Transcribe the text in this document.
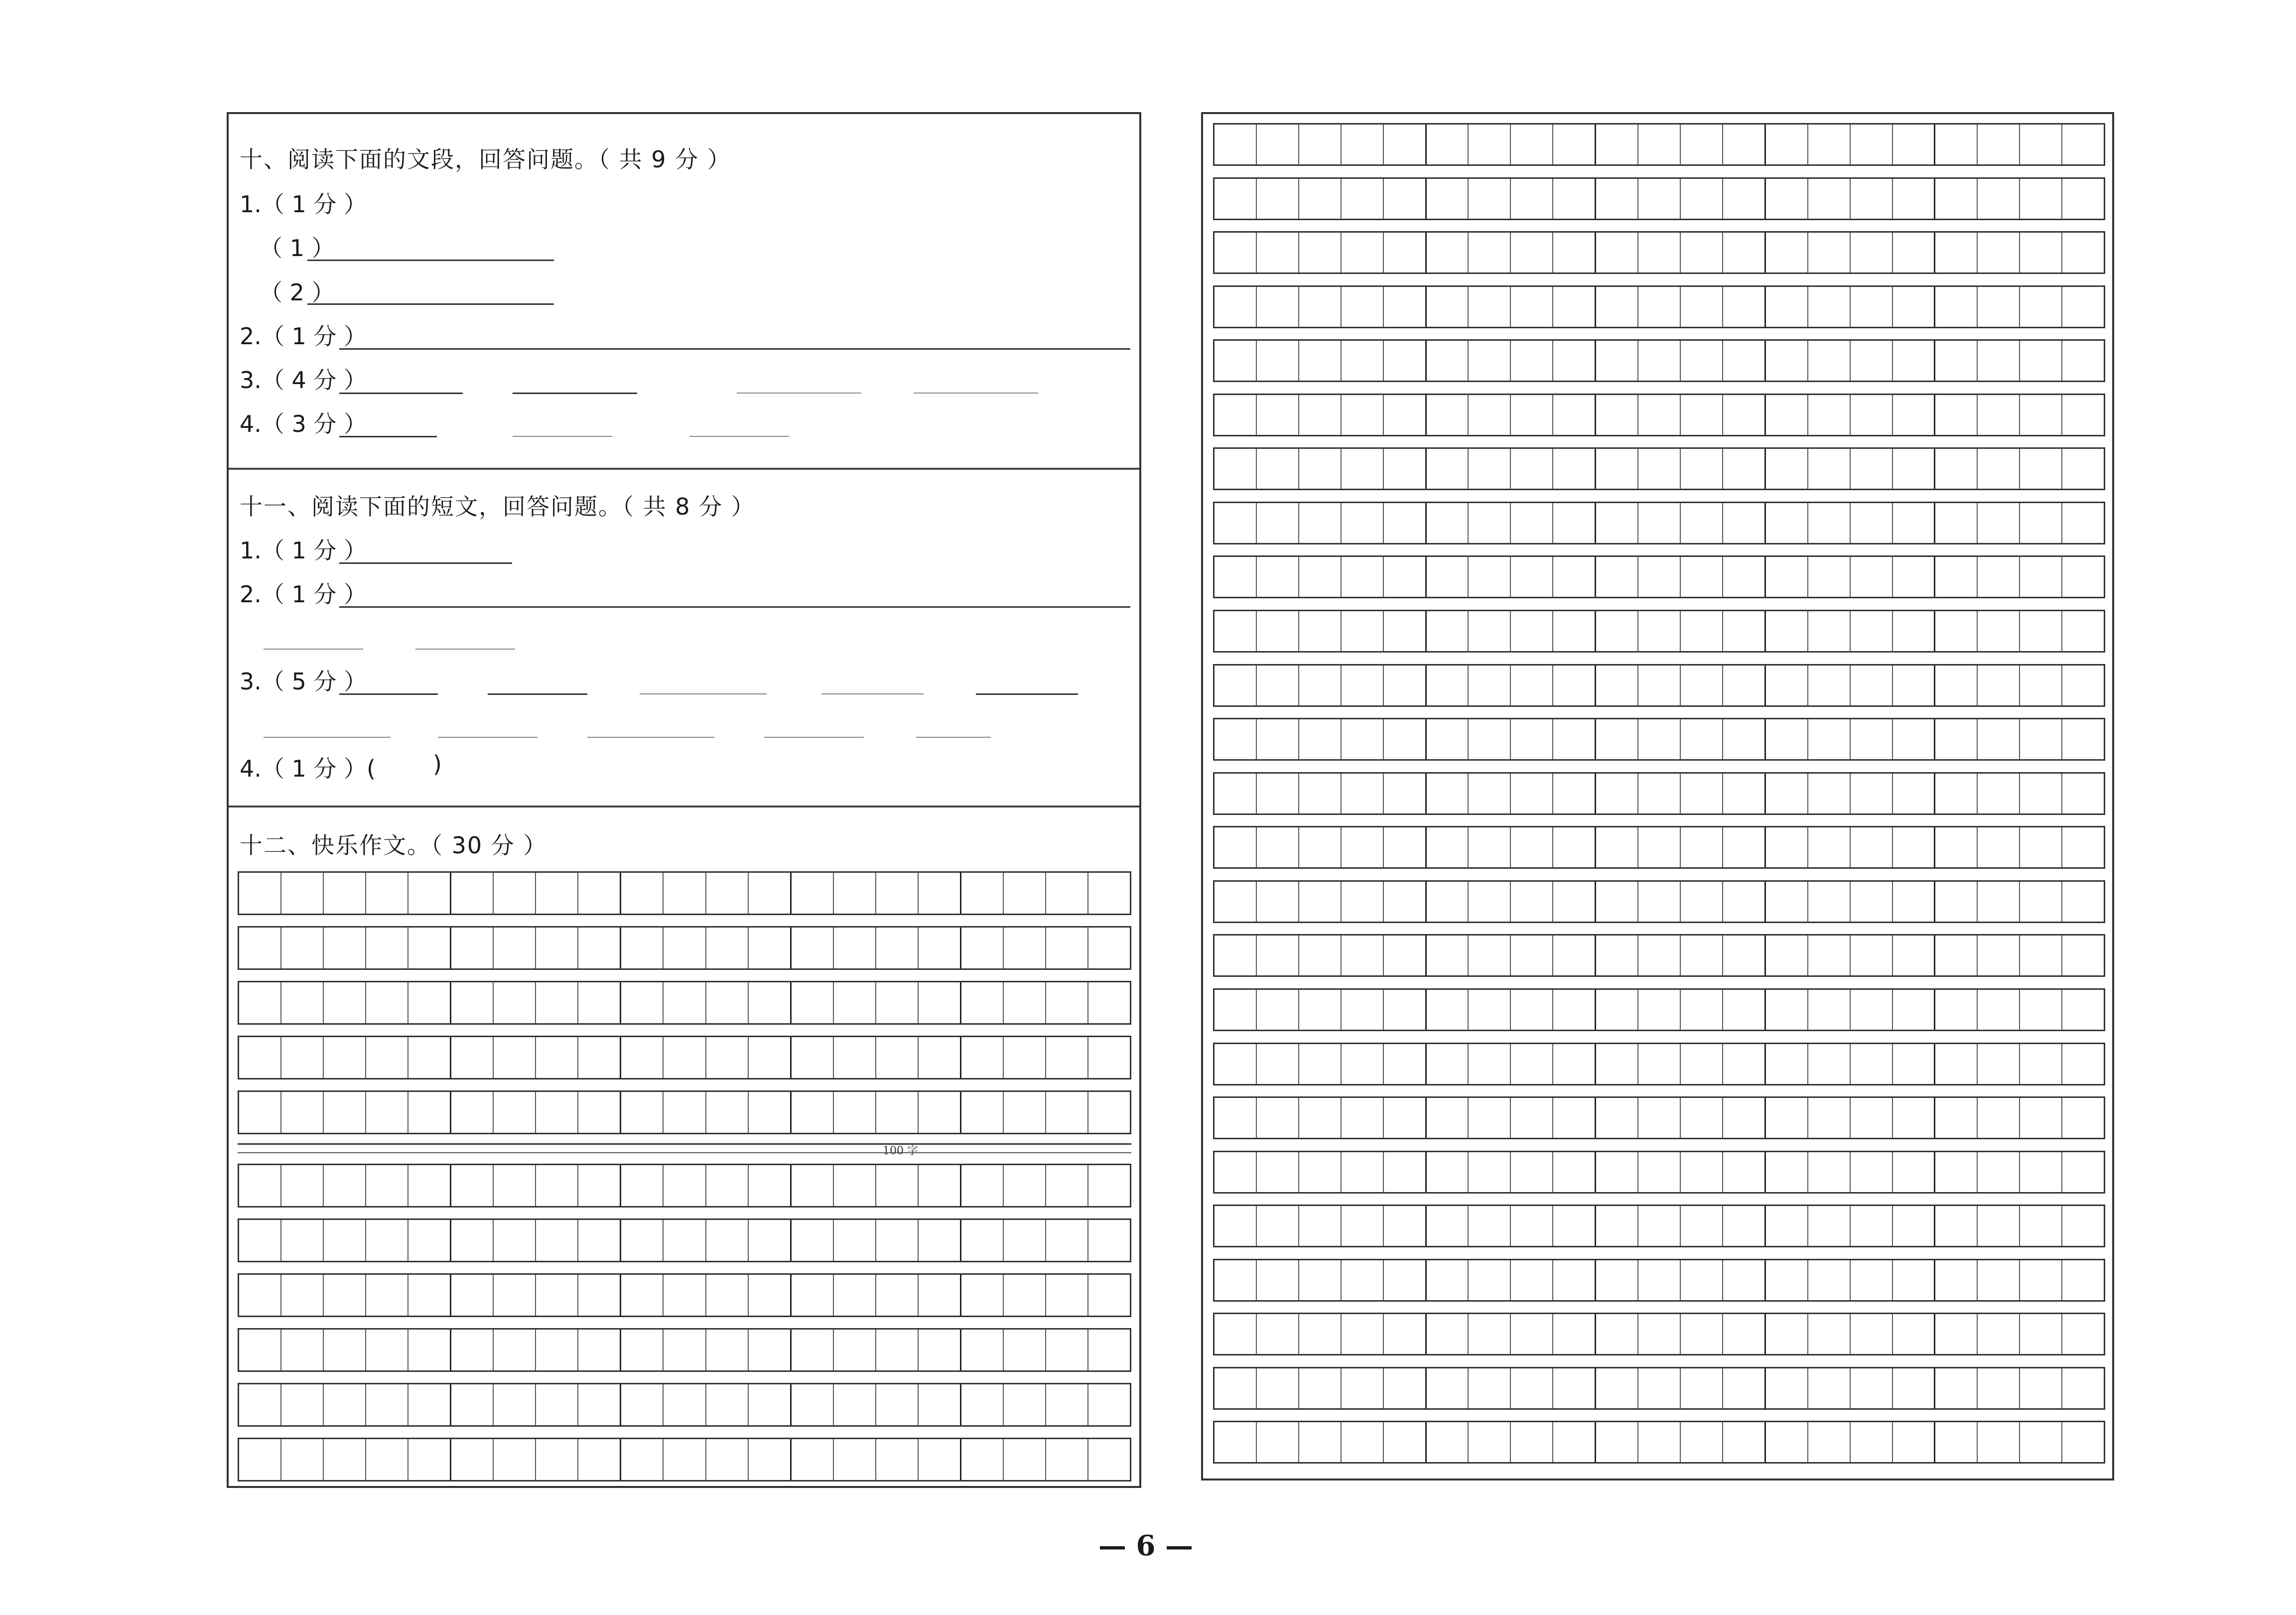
十、阅读下面的文段，回答问题。（ 共 9 分 ）
1.（ 1 分 ）
（ 1 ）
（ 2 ）
2.（ 1 分 ）
3.（ 4 分 ）
4.（ 3 分 ）
十一、阅读下面的短文，回答问题。（ 共 8 分 ）
1.（ 1 分 ）
2.（ 1 分 ）
3.（ 5 分 ）
4.（ 1 分 ）(	)
十二、快乐作文。（ 30 分 ）
100 字
— 6 —
